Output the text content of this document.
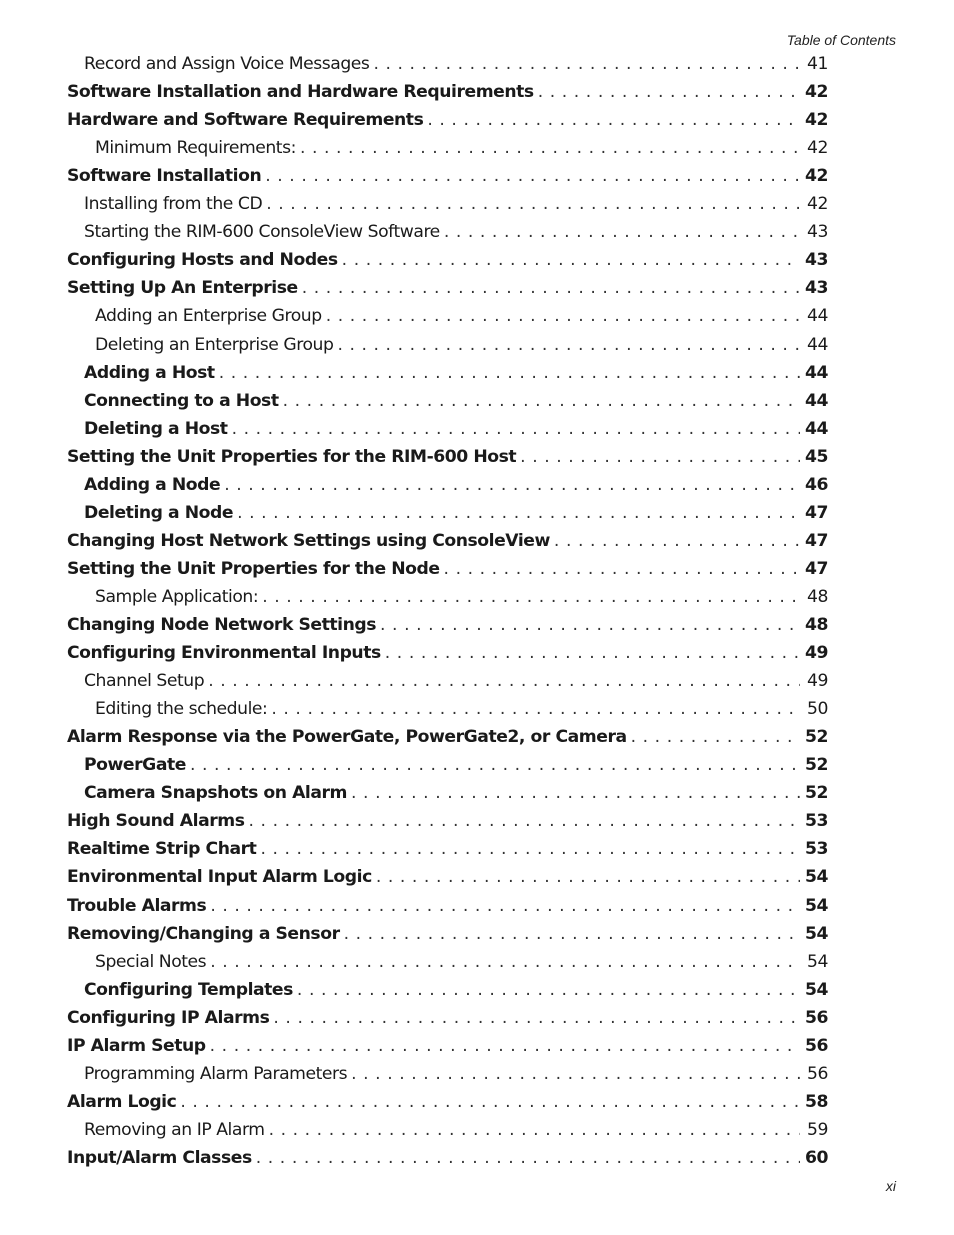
Table of Contents
Record and Assign Voice Messages . . .	41
Software Installation and Hardware Requirements . . .	42
Hardware and Software Requirements . . .	42
Minimum Requirements: . . .	42
Software Installation . . .	42
Installing from the CD . . .	42
Starting the RIM-600 ConsoleView Software . . .	43
Configuring Hosts and Nodes . . .	43
Setting Up An Enterprise . . .	43
Adding an Enterprise Group . . .	44
Deleting an Enterprise Group . . .	44
Adding a Host . . .	44
Connecting to a Host . . .	44
Deleting a Host . . .	44
Setting the Unit Properties for the RIM-600 Host . . .	45
Adding a Node . . .	46
Deleting a Node . . .	47
Changing Host Network Settings using ConsoleView . . .	47
Setting the Unit Properties for the Node . . .	47
Sample Application: . . .	48
Changing Node Network Settings . . .	48
Configuring Environmental Inputs . . .	49
Channel Setup . . .	49
Editing the schedule: . . .	50
Alarm Response via the PowerGate, PowerGate2, or Camera . . .	52
PowerGate . . .	52
Camera Snapshots on Alarm . . .	52
High Sound Alarms . . .	53
Realtime Strip Chart . . .	53
Environmental Input Alarm Logic . . .	54
Trouble Alarms . . .	54
Removing/Changing a Sensor . . .	54
Special Notes . . .	54
Configuring Templates . . .	54
Configuring IP Alarms . . .	56
IP Alarm Setup . . .	56
Programming Alarm Parameters . . .	56
Alarm Logic . . .	58
Removing an IP Alarm . . .	59
Input/Alarm Classes . . .	60
xi
